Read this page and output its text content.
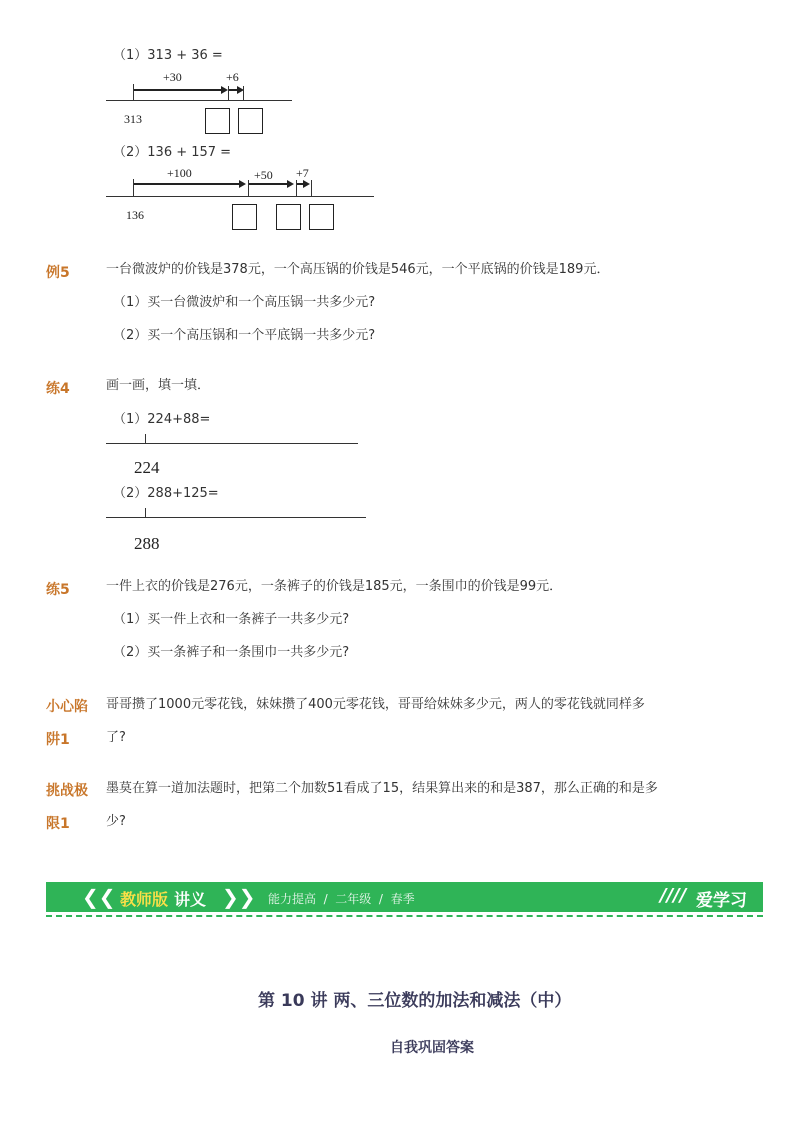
（1）313 + 36 =
+30	+6
313
（2）136 + 157 =
+100	+50 +7
136
例5	一台微波炉的价钱是378元，一个高压锅的价钱是546元，一个平底锅的价钱是189元．
（1）买一台微波炉和一个高压锅一共多少元?
（2）买一个高压锅和一个平底锅一共多少元?
练4	画一画，填一填．
（1）224+88=
224
（2）288+125=
288
练5	一件上衣的价钱是276元，一条裤子的价钱是185元，一条围巾的价钱是99元．
（1）买一件上衣和一条裤子一共多少元?
（2）买一条裤子和一条围巾一共多少元?
小心陷
阱1
哥哥攒了1000元零花钱，妹妹攒了400元零花钱，哥哥给妹妹多少元，两人的零花钱就同样多
了?
挑战极
限1
墨莫在算一道加法题时，把第二个加数51看成了15，结果算出来的和是387，那么正确的和是多
少?
❮❮ 教师版 讲义 ❯❯ 能力提高  /  二年级  /  春季	//// 爱学习
第 10 讲 两、三位数的加法和减法（中）
自我巩固答案
